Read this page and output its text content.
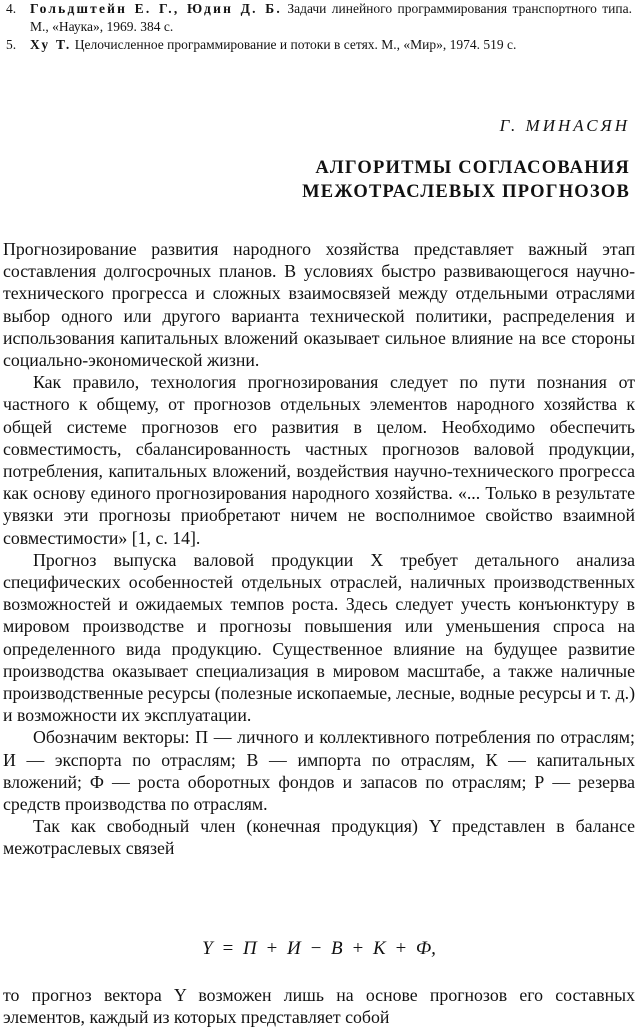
4.	Гольдштейн Е. Г., Юдин Д. Б. Задачи линейного программирования транспортного типа. М., «Наука», 1969. 384 с.
5.	Ху Т. Целочисленное программирование и потоки в сетях. М., «Мир», 1974. 519 с.
Г. МИНАСЯН
АЛГОРИТМЫ СОГЛАСОВАНИЯ
МЕЖОТРАСЛЕВЫХ ПРОГНОЗОВ

Прогнозирование развития народного хозяйства представляет важный этап составления долгосрочных планов. В условиях быстро развивающегося научно-технического прогресса и сложных взаимосвязей между отдельными отраслями выбор одного или другого варианта технической политики, распределения и использования капитальных вложений оказывает сильное влияние на все стороны социально-экономической жизни.

Как правило, технология прогнозирования следует по пути познания от частного к общему, от прогнозов отдельных элементов народного хозяйства к общей системе прогнозов его развития в целом. Необходимо обеспечить совместимость, сбалансированность частных прогнозов валовой продукции, потребления, капитальных вложений, воздействия научно-технического прогресса как основу единого прогнозирования народного хозяйства. «... Только в результате увязки эти прогнозы приобретают ничем не восполнимое свойство взаимной совместимости» [1, с. 14].

Прогноз выпуска валовой продукции X требует детального анализа специфических особенностей отдельных отраслей, наличных производственных возможностей и ожидаемых темпов роста. Здесь следует учесть конъюнктуру в мировом производстве и прогнозы повышения или уменьшения спроса на определенного вида продукцию. Существенное влияние на будущее развитие производства оказывает специализация в мировом масштабе, а также наличные производственные ресурсы (полезные ископаемые, лесные, водные ресурсы и т. д.) и возможности их эксплуатации.

Обозначим векторы: П — личного и коллективного потребления по отраслям; И — экспорта по отраслям; В — импорта по отраслям, К — капитальных вложений; Ф — роста оборотных фондов и запасов по отраслям; Р — резерва средств производства по отраслям.

Так как свободный член (конечная продукция) Y представлен в балансе межотраслевых связей

Y = П + И − В + К + Ф,
то прогноз вектора Y возможен лишь на основе прогнозов его составных элементов, каждый из которых представляет собой
